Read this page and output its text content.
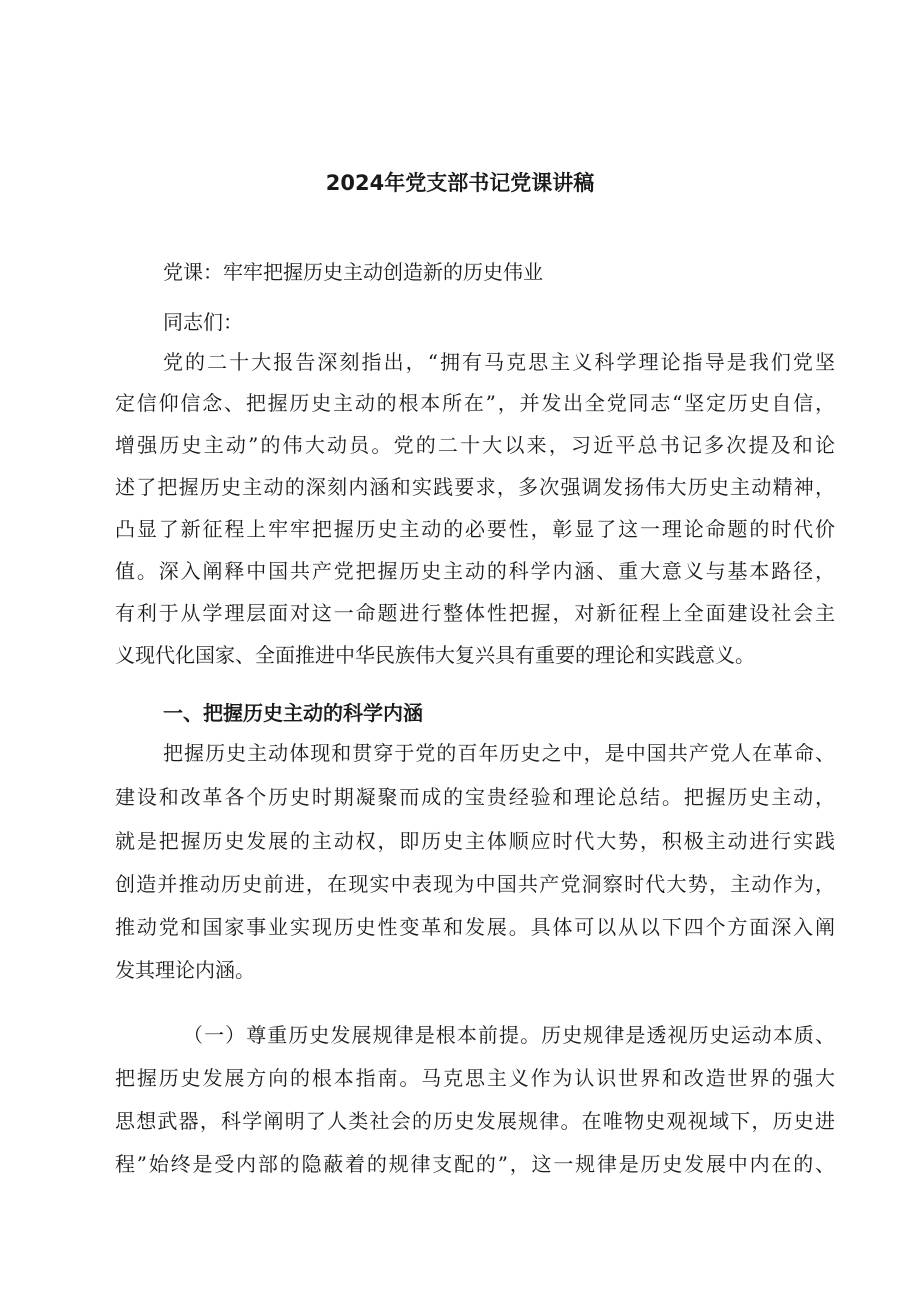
2024年党支部书记党课讲稿
党课：牢牢把握历史主动创造新的历史伟业
同志们：
党的二十大报告深刻指出，“拥有马克思主义科学理论指导是我们党坚
定信仰信念、把握历史主动的根本所在”，并发出全党同志“坚定历史自信，
增强历史主动”的伟大动员。党的二十大以来，习近平总书记多次提及和论
述了把握历史主动的深刻内涵和实践要求，多次强调发扬伟大历史主动精神，
凸显了新征程上牢牢把握历史主动的必要性，彰显了这一理论命题的时代价
值。深入阐释中国共产党把握历史主动的科学内涵、重大意义与基本路径，
有利于从学理层面对这一命题进行整体性把握，对新征程上全面建设社会主
义现代化国家、全面推进中华民族伟大复兴具有重要的理论和实践意义。
一、把握历史主动的科学内涵
把握历史主动体现和贯穿于党的百年历史之中，是中国共产党人在革命、
建设和改革各个历史时期凝聚而成的宝贵经验和理论总结。把握历史主动，
就是把握历史发展的主动权，即历史主体顺应时代大势，积极主动进行实践
创造并推动历史前进，在现实中表现为中国共产党洞察时代大势，主动作为，
推动党和国家事业实现历史性变革和发展。具体可以从以下四个方面深入阐
发其理论内涵。
（一）尊重历史发展规律是根本前提。历史规律是透视历史运动本质、
把握历史发展方向的根本指南。马克思主义作为认识世界和改造世界的强大
思想武器，科学阐明了人类社会的历史发展规律。在唯物史观视域下，历史进
程”始终是受内部的隐蔽着的规律支配的”，这一规律是历史发展中内在的、
